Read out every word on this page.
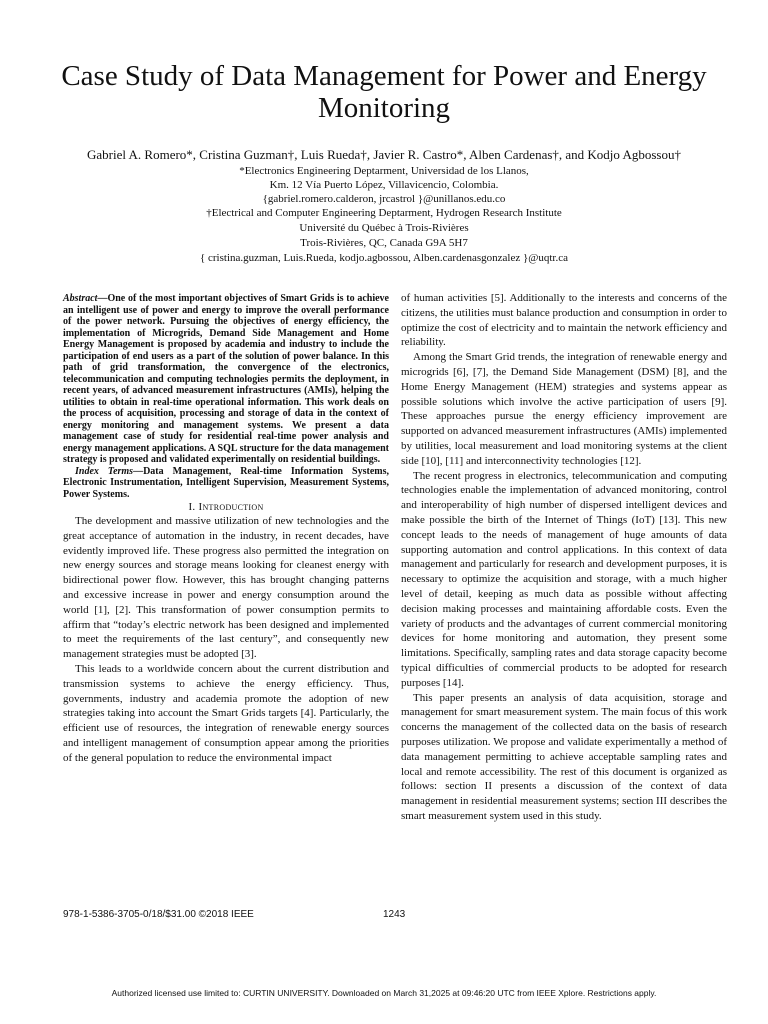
Case Study of Data Management for Power and Energy Monitoring
Gabriel A. Romero*, Cristina Guzman†, Luis Rueda†, Javier R. Castro*, Alben Cardenas†, and Kodjo Agbossou†
*Electronics Engineering Deptarment, Universidad de los Llanos,
Km. 12 Vía Puerto López, Villavicencio, Colombia.
{gabriel.romero.calderon, jrcastrol }@unillanos.edu.co
†Electrical and Computer Engineering Deptarment, Hydrogen Research Institute
Université du Québec à Trois-Rivières
Trois-Rivières, QC, Canada G9A 5H7
{ cristina.guzman, Luis.Rueda, kodjo.agbossou, Alben.cardenasgonzalez }@uqtr.ca
Abstract—One of the most important objectives of Smart Grids is to achieve an intelligent use of power and energy to improve the overall performance of the power network. Pursuing the objectives of energy efficiency, the implementation of Microgrids, Demand Side Management and Home Energy Management is proposed by academia and industry to include the participation of end users as a part of the solution of power balance. In this path of grid transformation, the convergence of the electronics, telecommunication and computing technologies permits the deployment, in recent years, of advanced measurement infrastructures (AMIs), helping the utilities to obtain in real-time operational information. This work deals on the process of acquisition, processing and storage of data in the context of energy monitoring and management systems. We present a data management case of study for residential real-time power analysis and energy management applications. A SQL structure for the data management strategy is proposed and validated experimentally on residential buildings.
Index Terms—Data Management, Real-time Information Systems, Electronic Instrumentation, Intelligent Supervision, Measurement Systems, Power Systems.

I. Introduction

The development and massive utilization of new technologies and the great acceptance of automation in the industry, in recent decades, have evidently improved life. These progress also permitted the integration on new energy sources and storage means looking for cleanest energy with bidirectional power flow. However, this has brought changing patterns and excessive increase in power and energy consumption around the world [1], [2]. This transformation of power consumption permits to affirm that “today’s electric network has been designed and implemented to meet the requirements of the last century”, and consequently new management strategies must be adopted [3].

This leads to a worldwide concern about the current distribution and transmission systems to achieve the energy efficiency. Thus, governments, industry and academia promote the adoption of new strategies taking into account the Smart Grids targets [4]. Particularly, the efficient use of resources, the integration of renewable energy sources and intelligent management of consumption appear among the priorities of the general population to reduce the environmental impact

of human activities [5]. Additionally to the interests and concerns of the citizens, the utilities must balance production and consumption in order to optimize the cost of electricity and to maintain the network efficiency and reliability.

Among the Smart Grid trends, the integration of renewable energy and microgrids [6], [7], the Demand Side Management (DSM) [8], and the Home Energy Management (HEM) strategies and systems appear as possible solutions which involve the active participation of users [9]. These approaches pursue the energy efficiency improvement are supported on advanced measurement infrastructures (AMIs) implemented by utilities, local measurement and load monitoring systems at the client side [10], [11] and interconnectivity technologies [12].

The recent progress in electronics, telecommunication and computing technologies enable the implementation of advanced monitoring, control and interoperability of high number of dispersed intelligent devices and make possible the birth of the Internet of Things (IoT) [13]. This new concept leads to the needs of management of huge amounts of data supporting automation and control applications. In this context of data management and particularly for research and development purposes, it is necessary to optimize the acquisition and storage, with a much higher level of detail, keeping as much data as possible without affecting decision making processes and maintaining affordable costs. Even the variety of products and the advantages of current commercial monitoring devices for home monitoring and automation, they present some limitations. Specifically, sampling rates and data storage capacity become typical difficulties of commercial products to be adopted for research purposes [14].

This paper presents an analysis of data acquisition, storage and management for smart measurement system. The main focus of this work concerns the management of the collected data on the basis of research purposes utilization. We propose and validate experimentally a method of data management permitting to achieve acceptable sampling rates and local and remote accessibility. The rest of this document is organized as follows: section II presents a discussion of the context of data management in residential measurement systems; section III describes the smart measurement system used in this study.

978-1-5386-3705-0/18/$31.00 ©2018 IEEE	1243
Authorized licensed use limited to: CURTIN UNIVERSITY. Downloaded on March 31,2025 at 09:46:20 UTC from IEEE Xplore. Restrictions apply.
